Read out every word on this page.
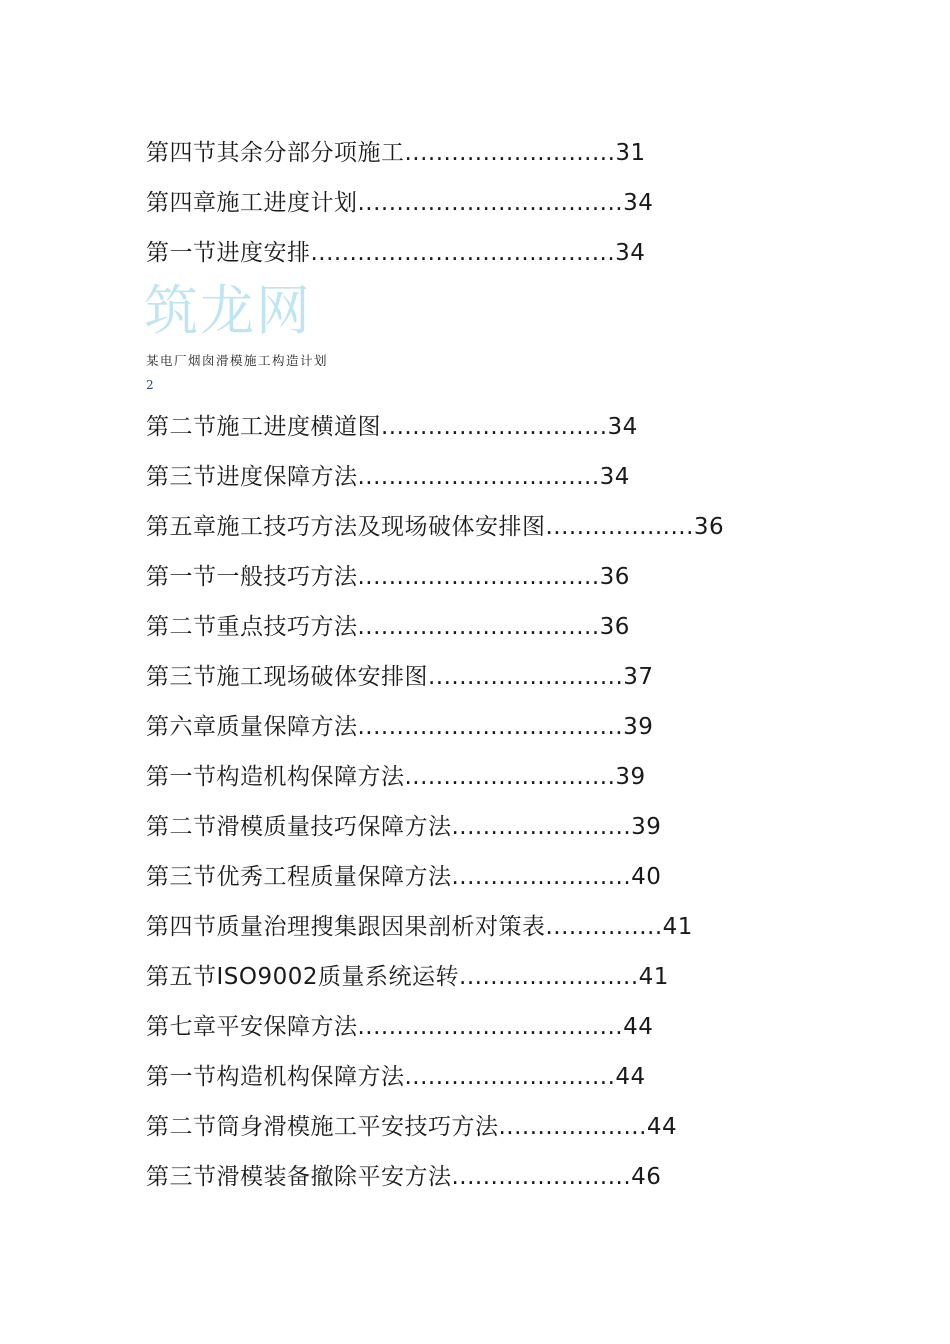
第四节其余分部分项施工...........................31
第四章施工进度计划..................................34
第一节进度安排.......................................34
筑龙网
某电厂烟囱滑模施工构造计划
2
第二节施工进度横道图.............................34
第三节进度保障方法...............................34
第五章施工技巧方法及现场破体安排图...................36
第一节一般技巧方法...............................36
第二节重点技巧方法...............................36
第三节施工现场破体安排图.........................37
第六章质量保障方法..................................39
第一节构造机构保障方法...........................39
第二节滑模质量技巧保障方法.......................39
第三节优秀工程质量保障方法.......................40
第四节质量治理搜集跟因果剖析对策表...............41
第五节ISO9002质量系统运转.......................41
第七章平安保障方法..................................44
第一节构造机构保障方法...........................44
第二节筒身滑模施工平安技巧方法...................44
第三节滑模装备撤除平安方法.......................46
